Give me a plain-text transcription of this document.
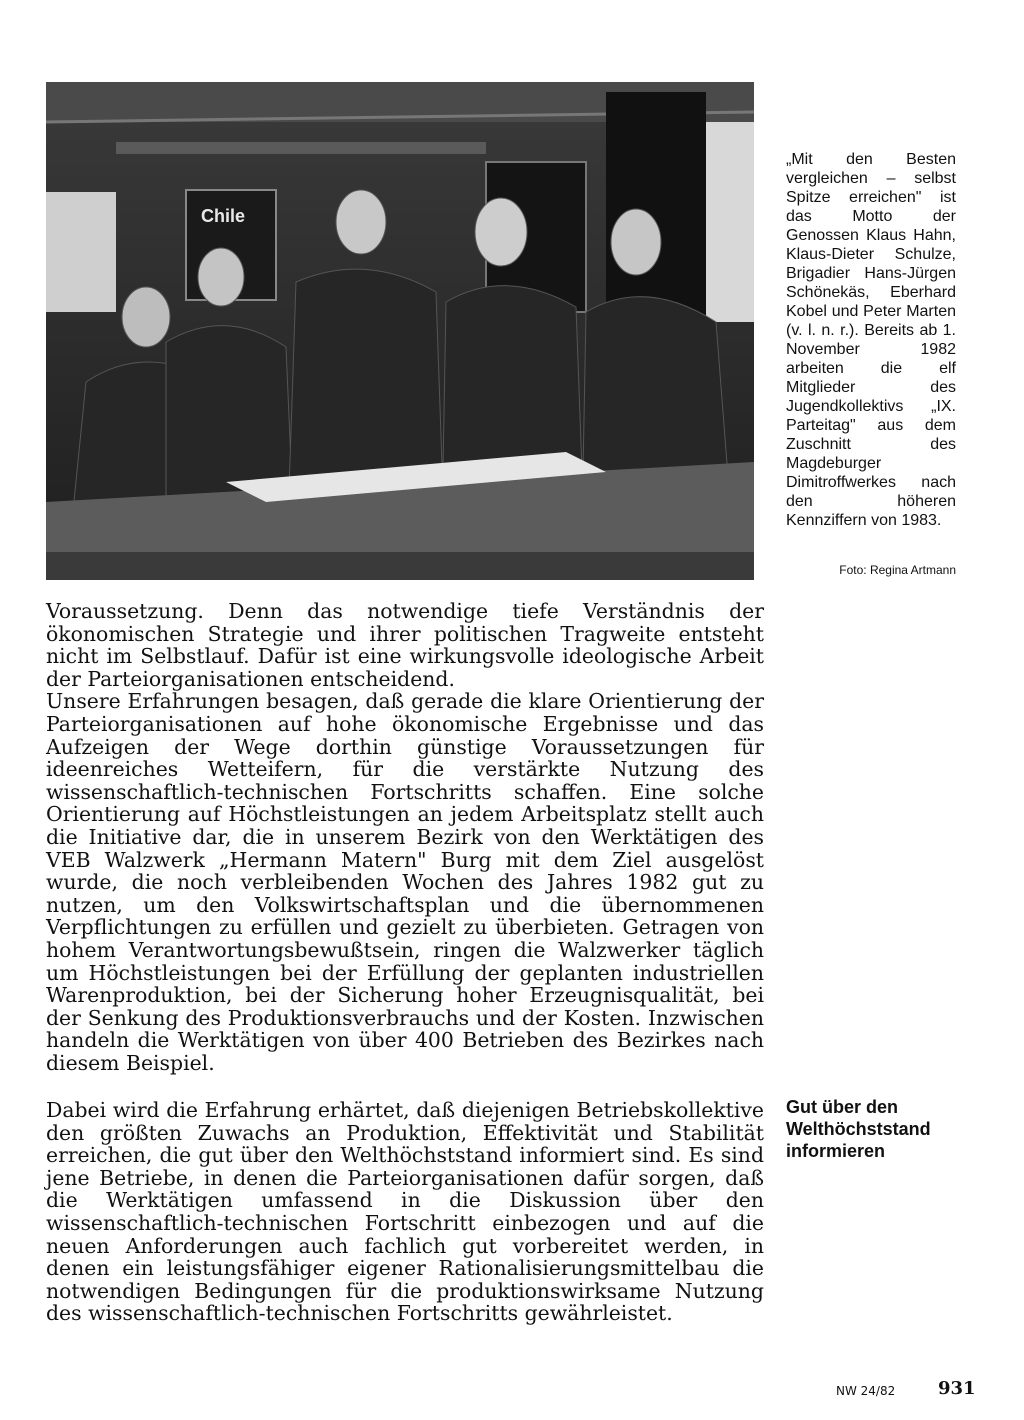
Chile
„Mit den Besten vergleichen – selbst Spitze erreichen" ist das Motto der Genossen Klaus Hahn, Klaus-Dieter Schulze, Brigadier Hans-Jürgen Schönekäs, Eberhard Kobel und Peter Marten (v. l. n. r.). Bereits ab 1. November 1982 arbeiten die elf Mitglieder des Jugendkollektivs „IX. Parteitag" aus dem Zuschnitt des Magdeburger Dimitroffwerkes nach den höheren Kennziffern von 1983.
Foto: Regina Artmann

Voraussetzung. Denn das notwendige tiefe Verständnis der ökonomischen Strategie und ihrer politischen Tragweite entsteht nicht im Selbstlauf. Dafür ist eine wirkungsvolle ideologische Arbeit der Parteiorganisationen entscheidend.

Unsere Erfahrungen besagen, daß gerade die klare Orientierung der Parteiorganisationen auf hohe ökonomische Ergebnisse und das Aufzeigen der Wege dorthin günstige Voraussetzungen für ideenreiches Wetteifern, für die verstärkte Nutzung des wissenschaftlich-technischen Fortschritts schaffen. Eine solche Orientierung auf Höchstleistungen an jedem Arbeitsplatz stellt auch die Initiative dar, die in unserem Bezirk von den Werktätigen des VEB Walzwerk „Hermann Matern" Burg mit dem Ziel ausgelöst wurde, die noch verbleibenden Wochen des Jahres 1982 gut zu nutzen, um den Volkswirtschaftsplan und die übernommenen Verpflichtungen zu erfüllen und gezielt zu überbieten. Getragen von hohem Verantwortungsbewußtsein, ringen die Walzwerker täglich um Höchstleistungen bei der Erfüllung der geplanten industriellen Warenproduktion, bei der Sicherung hoher Erzeugnisqualität, bei der Senkung des Produktionsverbrauchs und der Kosten. Inzwischen handeln die Werktätigen von über 400 Betrieben des Bezirkes nach diesem Beispiel.

Gut über den Welthöchststand informieren

Dabei wird die Erfahrung erhärtet, daß diejenigen Betriebskollektive den größten Zuwachs an Produktion, Effektivität und Stabilität erreichen, die gut über den Welthöchststand informiert sind. Es sind jene Betriebe, in denen die Parteiorganisationen dafür sorgen, daß die Werktätigen umfassend in die Diskussion über den wissenschaftlich-technischen Fortschritt einbezogen und auf die neuen Anforderungen auch fachlich gut vorbereitet werden, in denen ein leistungsfähiger eigener Rationalisierungsmittelbau die notwendigen Bedingungen für die produktionswirksame Nutzung des wissenschaftlich-technischen Fortschritts gewährleistet.

NW 24/82 931
